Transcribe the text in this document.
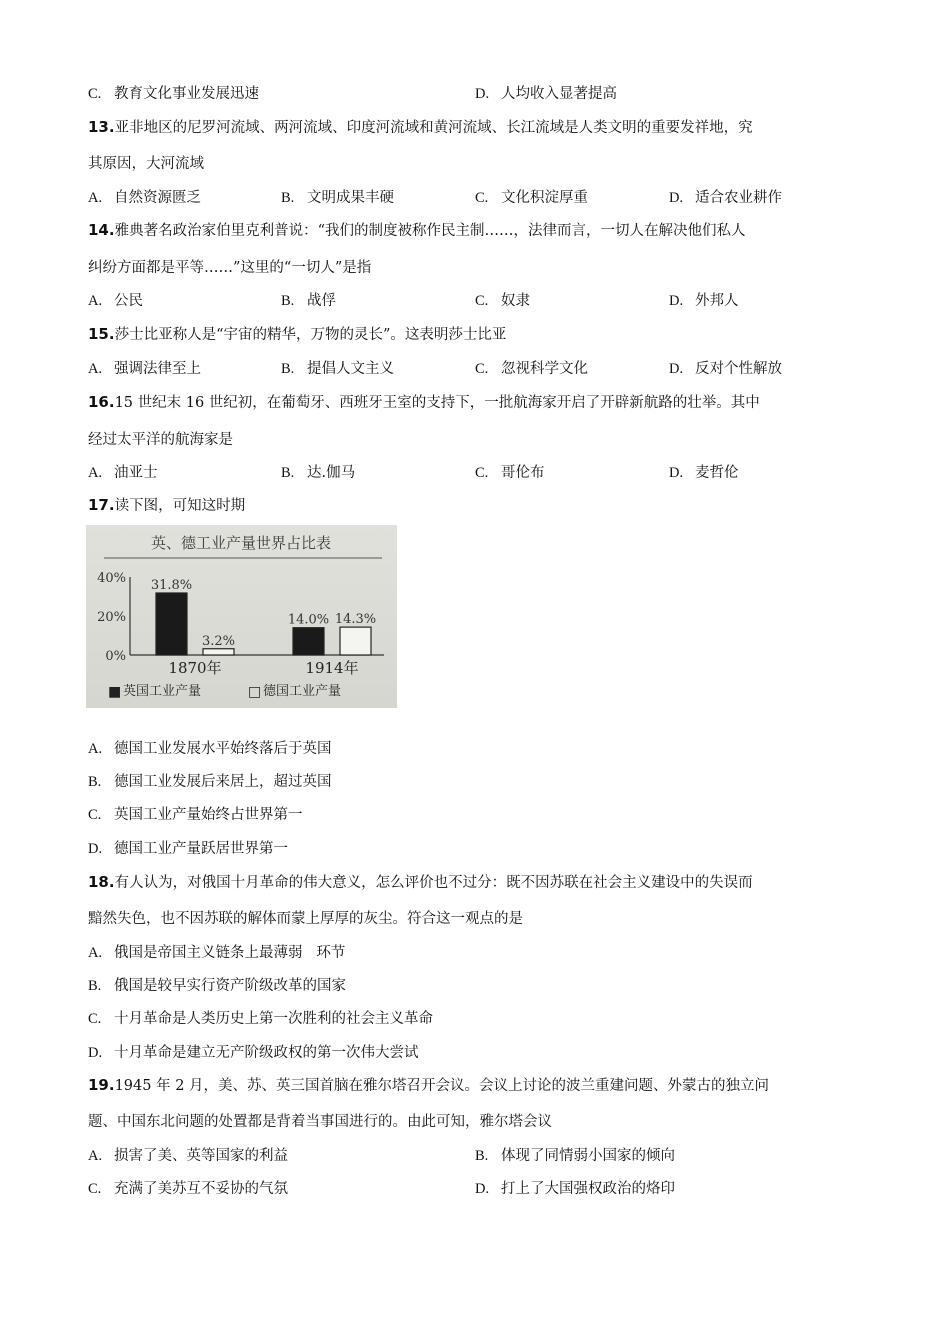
C. 教育文化事业发展迅速	D. 人均收入显著提高
13.亚非地区的尼罗河流域、两河流域、印度河流域和黄河流域、长江流域是人类文明的重要发祥地，究
其原因，大河流域
A. 自然资源匮乏	B. 文明成果丰硬	C. 文化积淀厚重	D. 适合农业耕作
14.雅典著名政治家伯里克利普说：“我们的制度被称作民主制……，法律而言，一切人在解决他们私人
纠纷方面都是平等……”这里的“一切人”是指
A. 公民	B. 战俘	C. 奴隶	D. 外邦人
15.莎士比亚称人是“宇宙的精华，万物的灵长”。这表明莎士比亚
A. 强调法律至上	B. 提倡人文主义	C. 忽视科学文化	D. 反对个性解放
16.15 世纪末 16 世纪初，在葡萄牙、西班牙王室的支持下，一批航海家开启了开辟新航路的壮举。其中
经过太平洋的航海家是
A. 油亚士	B. 达.伽马	C. 哥伦布	D. 麦哲伦
17.读下图，可知这时期
英、德工业产量世界占比表
40%
20%
0%
31.8%
14.0%
3.2%
14.3%
1870年	1914年
■ 英国工业产量	□ 德国工业产量
A. 德国工业发展水平始终落后于英国
B. 德国工业发展后来居上，超过英国
C. 英国工业产量始终占世界第一
D. 德国工业产量跃居世界第一
18.有人认为，对俄国十月革命的伟大意义，怎么评价也不过分：既不因苏联在社会主义建设中的失误而
黯然失色，也不因苏联的解体而蒙上厚厚的灰尘。符合这一观点的是
A. 俄国是帝国主义链条上最薄弱   环节
B. 俄国是较早实行资产阶级改革的国家
C. 十月革命是人类历史上第一次胜利的社会主义革命
D. 十月革命是建立无产阶级政权的第一次伟大尝试
19.1945 年 2 月，美、苏、英三国首脑在雅尔塔召开会议。会议上讨论的波兰重建问题、外蒙古的独立问
题、中国东北问题的处置都是背着当事国进行的。由此可知，雅尔塔会议
A. 损害了美、英等国家的利益	B. 体现了同情弱小国家的倾向
C. 充满了美苏互不妥协的气氛	D. 打上了大国强权政治的烙印
